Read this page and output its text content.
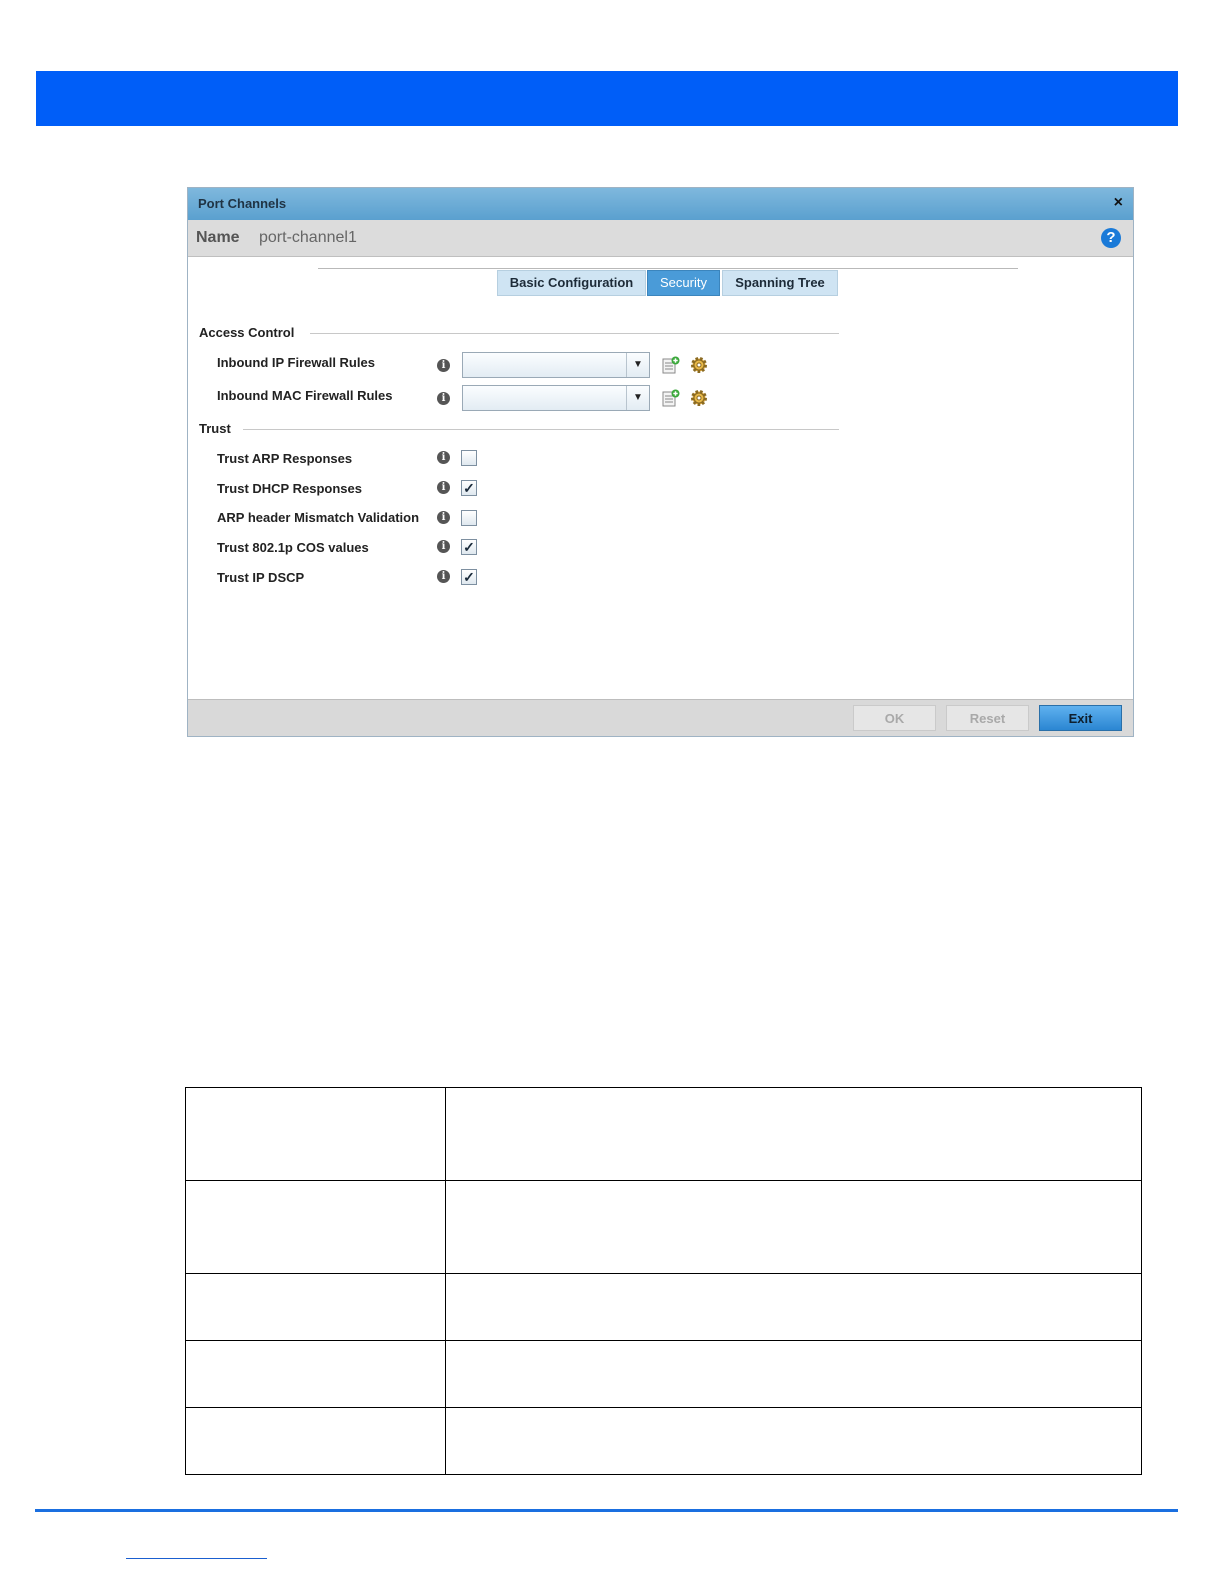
Port Channels	×
Name port-channel1	?
Basic Configuration	Security	Spanning Tree
Access Control
Inbound IP Firewall Rules	i	▼
Inbound MAC Firewall Rules	i	▼
Trust
Trust ARP Responses	i
Trust DHCP Responses	i	✓
ARP header Mismatch Validation	i
Trust 802.1p COS values	i	✓
Trust IP DSCP	i	✓
OK	Reset	Exit
